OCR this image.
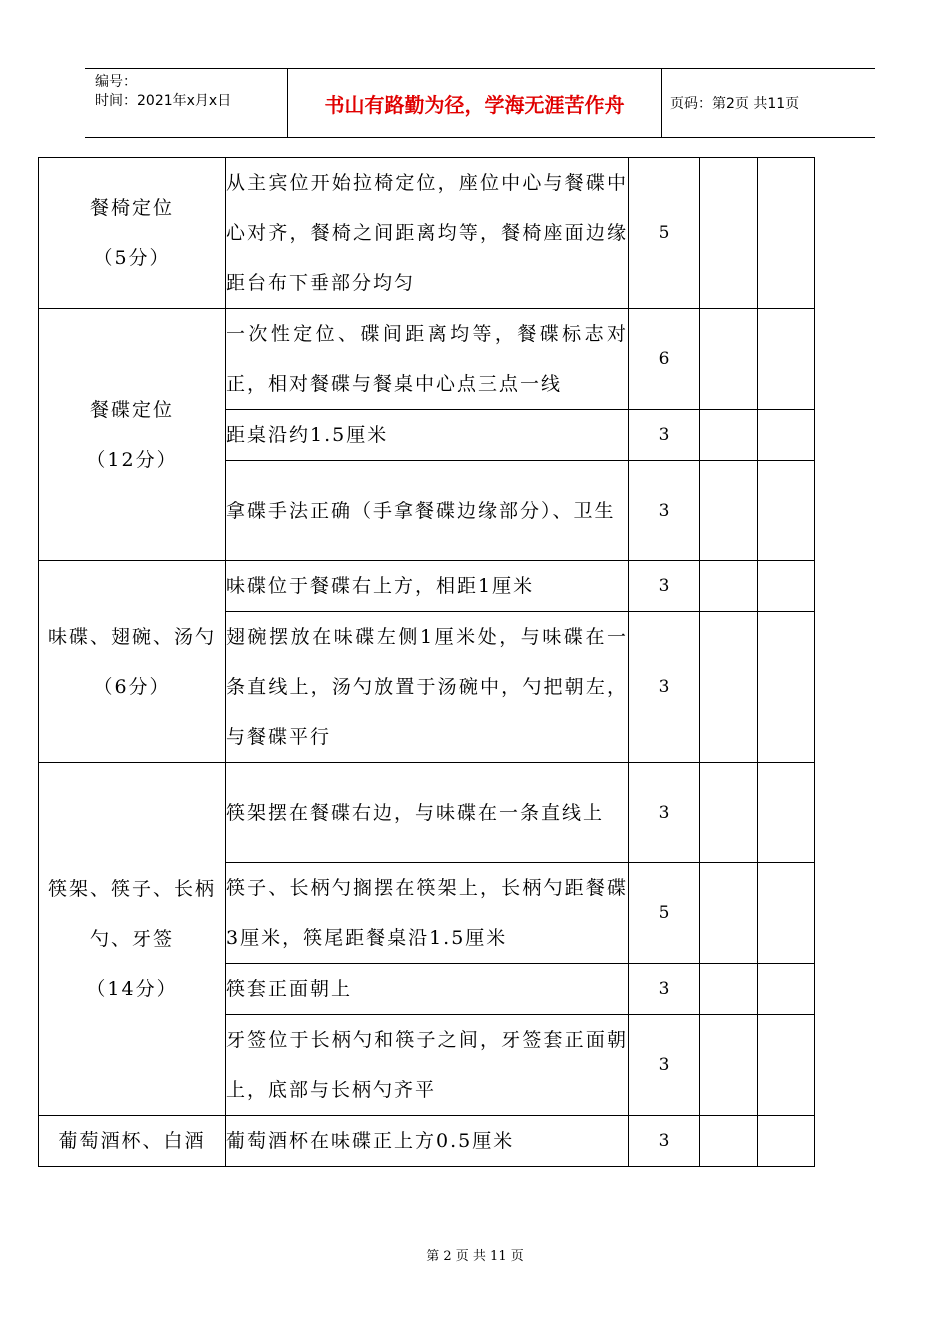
编号：
时间：2021年x月x日	书山有路勤为径，学海无涯苦作舟	页码：第2页 共11页
餐椅定位
（5分）	从主宾位开始拉椅定位，座位中心与餐碟中心对齐，餐椅之间距离均等，餐椅座面边缘距台布下垂部分均匀	5		

餐碟定位
（12分）	一次性定位、碟间距离均等，餐碟标志对正，相对餐碟与餐桌中心点三点一线	6		
	距桌沿约1.5厘米	3		
	拿碟手法正确（手拿餐碟边缘部分）、卫生	3		

味碟、翅碗、汤勺
（6分）	味碟位于餐碟右上方，相距1厘米	3		
	翅碗摆放在味碟左侧1厘米处，与味碟在一条直线上，汤勺放置于汤碗中，勺把朝左，与餐碟平行	3		

筷架、筷子、长柄勺、牙签
（14分）	筷架摆在餐碟右边，与味碟在一条直线上	3		
	筷子、长柄勺搁摆在筷架上，长柄勺距餐碟3厘米，筷尾距餐桌沿1.5厘米	5		
	筷套正面朝上	3		
	牙签位于长柄勺和筷子之间，牙签套正面朝上，底部与长柄勺齐平	3		

葡萄酒杯、白酒	葡萄酒杯在味碟正上方0.5厘米	3		
第 2 页 共 11 页
